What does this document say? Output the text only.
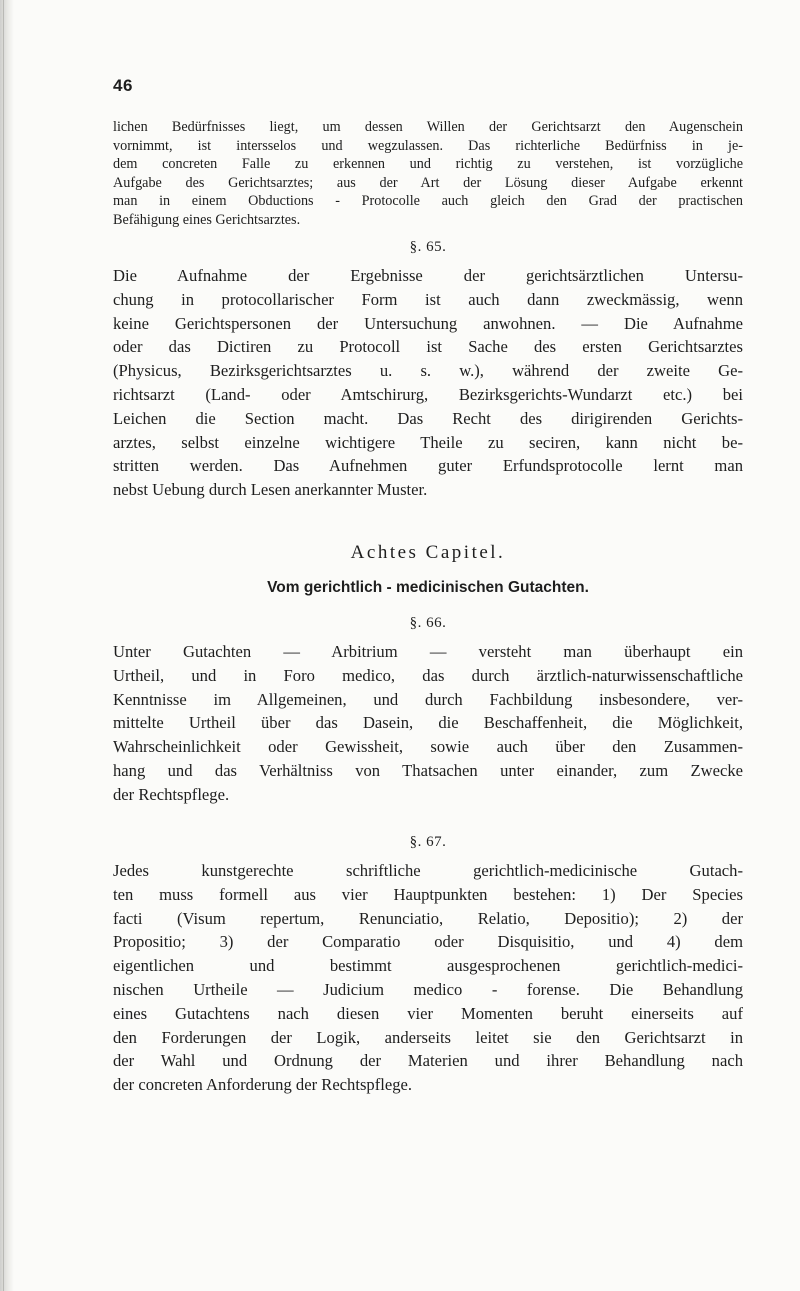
46
lichen Bedürfnisses liegt, um dessen Willen der Gerichtsarzt den Augenschein
vornimmt, ist intersselos und wegzulassen. Das richterliche Bedürfniss in je-
dem concreten Falle zu erkennen und richtig zu verstehen, ist vorzügliche
Aufgabe des Gerichtsarztes; aus der Art der Lösung dieser Aufgabe erkennt
man in einem Obductions - Protocolle auch gleich den Grad der practischen
Befähigung eines Gerichtsarztes.
§. 65.
Die Aufnahme der Ergebnisse der gerichtsärztlichen Untersu-
chung in protocollarischer Form ist auch dann zweckmässig, wenn
keine Gerichtspersonen der Untersuchung anwohnen. — Die Aufnahme
oder das Dictiren zu Protocoll ist Sache des ersten Gerichtsarztes
(Physicus, Bezirksgerichtsarztes u. s. w.), während der zweite Ge-
richtsarzt (Land- oder Amtschirurg, Bezirksgerichts-Wundarzt etc.) bei
Leichen die Section macht. Das Recht des dirigirenden Gerichts-
arztes, selbst einzelne wichtigere Theile zu seciren, kann nicht be-
stritten werden. Das Aufnehmen guter Erfundsprotocolle lernt man
nebst Uebung durch Lesen anerkannter Muster.
Achtes Capitel.
Vom gerichtlich - medicinischen Gutachten.
§. 66.
Unter Gutachten — Arbitrium — versteht man überhaupt ein
Urtheil, und in Foro medico, das durch ärztlich-naturwissenschaftliche
Kenntnisse im Allgemeinen, und durch Fachbildung insbesondere, ver-
mittelte Urtheil über das Dasein, die Beschaffenheit, die Möglichkeit,
Wahrscheinlichkeit oder Gewissheit, sowie auch über den Zusammen-
hang und das Verhältniss von Thatsachen unter einander, zum Zwecke
der Rechtspflege.
§. 67.
Jedes kunstgerechte schriftliche gerichtlich-medicinische Gutach-
ten muss formell aus vier Hauptpunkten bestehen: 1) Der Species
facti (Visum repertum, Renunciatio, Relatio, Depositio); 2) der
Propositio; 3) der Comparatio oder Disquisitio, und 4) dem
eigentlichen und bestimmt ausgesprochenen gerichtlich-medici-
nischen Urtheile — Judicium medico - forense. Die Behandlung
eines Gutachtens nach diesen vier Momenten beruht einerseits auf
den Forderungen der Logik, anderseits leitet sie den Gerichtsarzt in
der Wahl und Ordnung der Materien und ihrer Behandlung nach
der concreten Anforderung der Rechtspflege.
